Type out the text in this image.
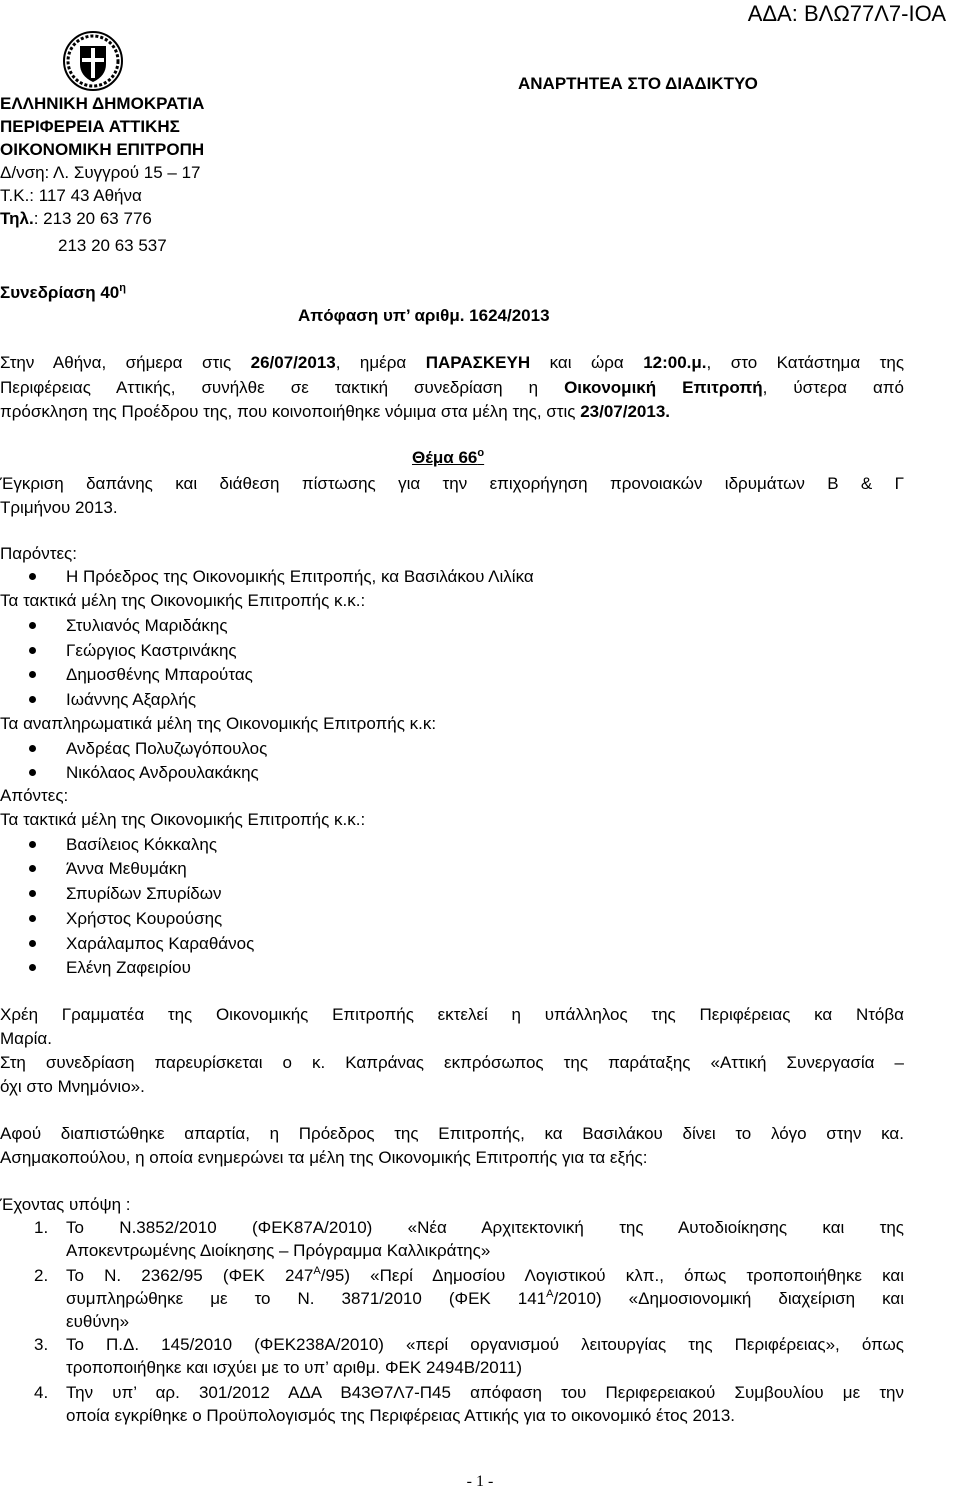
ΑΔΑ: ΒΛΩ77Λ7-ΙΟΑ
ΕΛΛΗΝΙΚΗ ΔΗΜΟΚΡΑΤΙΑ
ΠΕΡΙΦΕΡΕΙΑ ΑΤΤΙΚΗΣ
ΟΙΚΟΝΟΜΙΚΗ ΕΠΙΤΡΟΠΗ
Δ/νση: Λ. Συγγρού 15 – 17
Τ.Κ.: 117 43 Αθήνα
Τηλ.: 213 20 63 776
213 20 63 537
ΑΝΑΡΤΗΤΕΑ ΣΤΟ ΔΙΑΔΙΚΤΥΟ
Συνεδρίαση $40^\eta$
Απόφαση υπ’ αριθμ. 1624/2013
Στην Αθήνα, σήμερα στις 26/07/2013, ημέρα ΠΑΡΑΣΚΕΥΗ και ώρα 12:00.μ., στο Κατάστημα της
Περιφέρειας Αττικής, συνήλθε σε τακτική συνεδρίαση η Οικονομική Επιτροπή, ύστερα από
πρόσκληση της Προέδρου της, που κοινοποιήθηκε νόμιμα στα μέλη της, στις 23/07/2013.
Θέμα $66^o$
Έγκριση δαπάνης και διάθεση πίστωσης για την επιχορήγηση προνοιακών ιδρυμάτων Β & Γ
Τριμήνου 2013.
Παρόντες:
Η Πρόεδρος της Οικονομικής Επιτροπής, κα Βασιλάκου Λιλίκα
Τα τακτικά μέλη της Οικονομικής Επιτροπής κ.κ.:
Στυλιανός Μαριδάκης
Γεώργιος Καστρινάκης
Δημοσθένης Μπαρούτας
Ιωάννης Αξαρλής
Τα αναπληρωματικά μέλη της Οικονομικής Επιτροπής κ.κ:
Ανδρέας Πολυζωγόπουλος
Νικόλαος Ανδρουλακάκης
Απόντες:
Τα τακτικά μέλη της Οικονομικής Επιτροπής κ.κ.:
Βασίλειος Κόκκαλης
Άννα Μεθυμάκη
Σπυρίδων Σπυρίδων
Χρήστος Κουρούσης
Χαράλαμπος Καραθάνος
Ελένη Ζαφειρίου
Χρέη Γραμματέα της Οικονομικής Επιτροπής εκτελεί η υπάλληλος της Περιφέρειας κα Ντόβα
Μαρία.
Στη συνεδρίαση παρευρίσκεται ο κ. Καπράνας εκπρόσωπος της παράταξης «Αττική Συνεργασία –
όχι στο Μνημόνιο».
Αφού διαπιστώθηκε απαρτία, η Πρόεδρος της Επιτροπής, κα Βασιλάκου δίνει το λόγο στην κα.
Ασημακοπούλου, η οποία ενημερώνει τα μέλη της Οικονομικής Επιτροπής για τα εξής:
Έχοντας υπόψη :
1. Το Ν.3852/2010 (ΦΕΚ87Α/2010) «Νέα Αρχιτεκτονική της Αυτοδιοίκησης και της
Αποκεντρωμένης Διοίκησης – Πρόγραμμα Καλλικράτης»
2. Το Ν. 2362/95 (ΦΕΚ $247^A/95$) «Περί Δημοσίου Λογιστικού κλπ., όπως τροποποιήθηκε και
συμπληρώθηκε με το Ν. 3871/2010 (ΦΕΚ $141^A/2010$) «Δημοσιονομική διαχείριση και
ευθύνη»
3. Το Π.Δ. 145/2010 (ΦΕΚ238Α/2010) «περί οργανισμού λειτουργίας της Περιφέρειας», όπως
τροποποιήθηκε και ισχύει με το υπ’ αριθμ. ΦΕΚ 2494Β/2011)
4. Την υπ’ αρ. 301/2012 ΑΔΑ Β43Θ7Λ7-Π45 απόφαση του Περιφερειακού Συμβουλίου με την
οποία εγκρίθηκε ο Προϋπολογισμός της Περιφέρειας Αττικής για το οικονομικό έτος 2013.
- 1 -
